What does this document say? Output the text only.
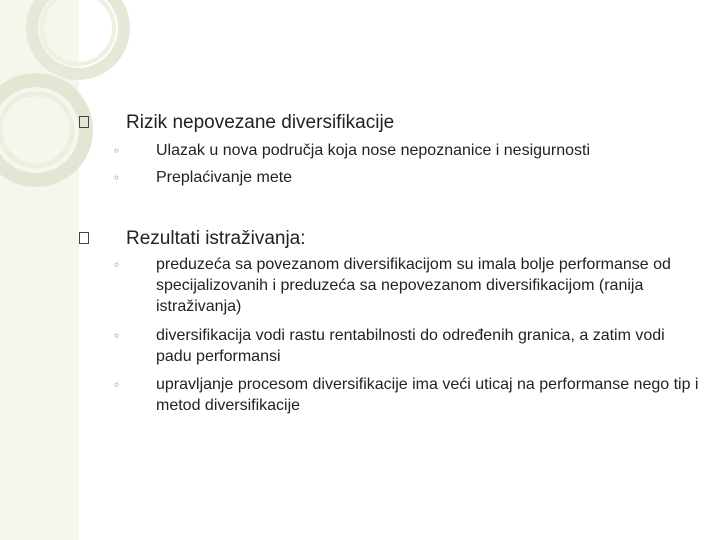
Rizik nepovezane diversifikacije
◦ Ulazak u nova područja koja nose nepoznanice i nesigurnosti
◦ Preplaćivanje mete
Rezultati istraživanja:
◦ preduzeća sa povezanom diversifikacijom su imala bolje performanse od specijalizovanih i preduzeća sa nepovezanom diversifikacijom (ranija istraživanja)
◦ diversifikacija vodi rastu rentabilnosti do određenih granica, a zatim vodi padu performansi
◦ upravljanje procesom diversifikacije ima veći uticaj na performanse nego tip i metod diversifikacije
